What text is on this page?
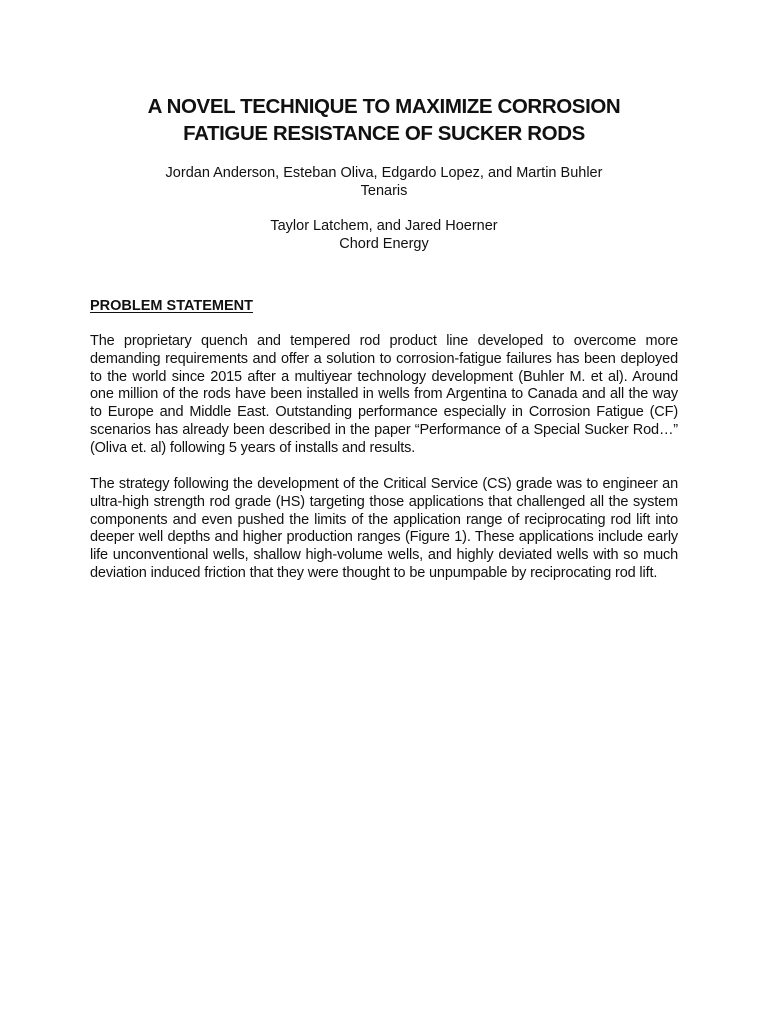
A NOVEL TECHNIQUE TO MAXIMIZE CORROSION
FATIGUE RESISTANCE OF SUCKER RODS
Jordan Anderson, Esteban Oliva, Edgardo Lopez, and Martin Buhler
Tenaris
Taylor Latchem, and Jared Hoerner
Chord Energy
PROBLEM STATEMENT

The proprietary quench and tempered rod product line developed to overcome more demanding requirements and offer a solution to corrosion-fatigue failures has been deployed to the world since 2015 after a multiyear technology development (Buhler M. et al). Around one million of the rods have been installed in wells from Argentina to Canada and all the way to Europe and Middle East. Outstanding performance especially in Corrosion Fatigue (CF) scenarios has already been described in the paper “Performance of a Special Sucker Rod…” (Oliva et. al) following 5 years of installs and results.

The strategy following the development of the Critical Service (CS) grade was to engineer an ultra-high strength rod grade (HS) targeting those applications that challenged all the system components and even pushed the limits of the application range of reciprocating rod lift into deeper well depths and higher production ranges (Figure 1). These applications include early life unconventional wells, shallow high-volume wells, and highly deviated wells with so much deviation induced friction that they were thought to be unpumpable by reciprocating rod lift.
